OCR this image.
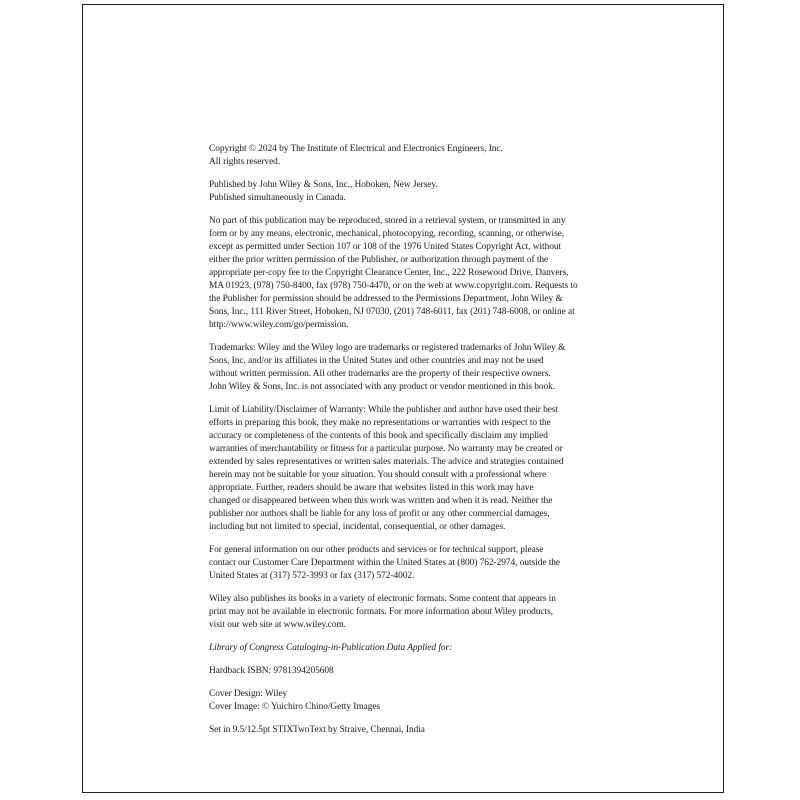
Copyright © 2024 by The Institute of Electrical and Electronics Engineers, Inc.
All rights reserved.

Published by John Wiley & Sons, Inc., Hoboken, New Jersey.
Published simultaneously in Canada.

No part of this publication may be reproduced, stored in a retrieval system, or transmitted in any
form or by any means, electronic, mechanical, photocopying, recording, scanning, or otherwise,
except as permitted under Section 107 or 108 of the 1976 United States Copyright Act, without
either the prior written permission of the Publisher, or authorization through payment of the
appropriate per-copy fee to the Copyright Clearance Center, Inc., 222 Rosewood Drive, Danvers,
MA 01923, (978) 750-8400, fax (978) 750-4470, or on the web at www.copyright.com. Requests to
the Publisher for permission should be addressed to the Permissions Department, John Wiley &
Sons, Inc., 111 River Street, Hoboken, NJ 07030, (201) 748-6011, fax (201) 748-6008, or online at
http://www.wiley.com/go/permission.

Trademarks: Wiley and the Wiley logo are trademarks or registered trademarks of John Wiley &
Sons, Inc. and/or its affiliates in the United States and other countries and may not be used
without written permission. All other trademarks are the property of their respective owners.
John Wiley & Sons, Inc. is not associated with any product or vendor mentioned in this book.

Limit of Liability/Disclaimer of Warranty: While the publisher and author have used their best
efforts in preparing this book, they make no representations or warranties with respect to the
accuracy or completeness of the contents of this book and specifically disclaim any implied
warranties of merchantability or fitness for a particular purpose. No warranty may be created or
extended by sales representatives or written sales materials. The advice and strategies contained
herein may not be suitable for your situation. You should consult with a professional where
appropriate. Further, readers should be aware that websites listed in this work may have
changed or disappeared between when this work was written and when it is read. Neither the
publisher nor authors shall be liable for any loss of profit or any other commercial damages,
including but not limited to special, incidental, consequential, or other damages.

For general information on our other products and services or for technical support, please
contact our Customer Care Department within the United States at (800) 762-2974, outside the
United States at (317) 572-3993 or fax (317) 572-4002.

Wiley also publishes its books in a variety of electronic formats. Some content that appears in
print may not be available in electronic formats. For more information about Wiley products,
visit our web site at www.wiley.com.

Library of Congress Cataloging-in-Publication Data Applied for:

Hardback ISBN: 9781394205608

Cover Design: Wiley
Cover Image: © Yuichiro Chino/Getty Images

Set in 9.5/12.5pt STIXTwoText by Straive, Chennai, India
